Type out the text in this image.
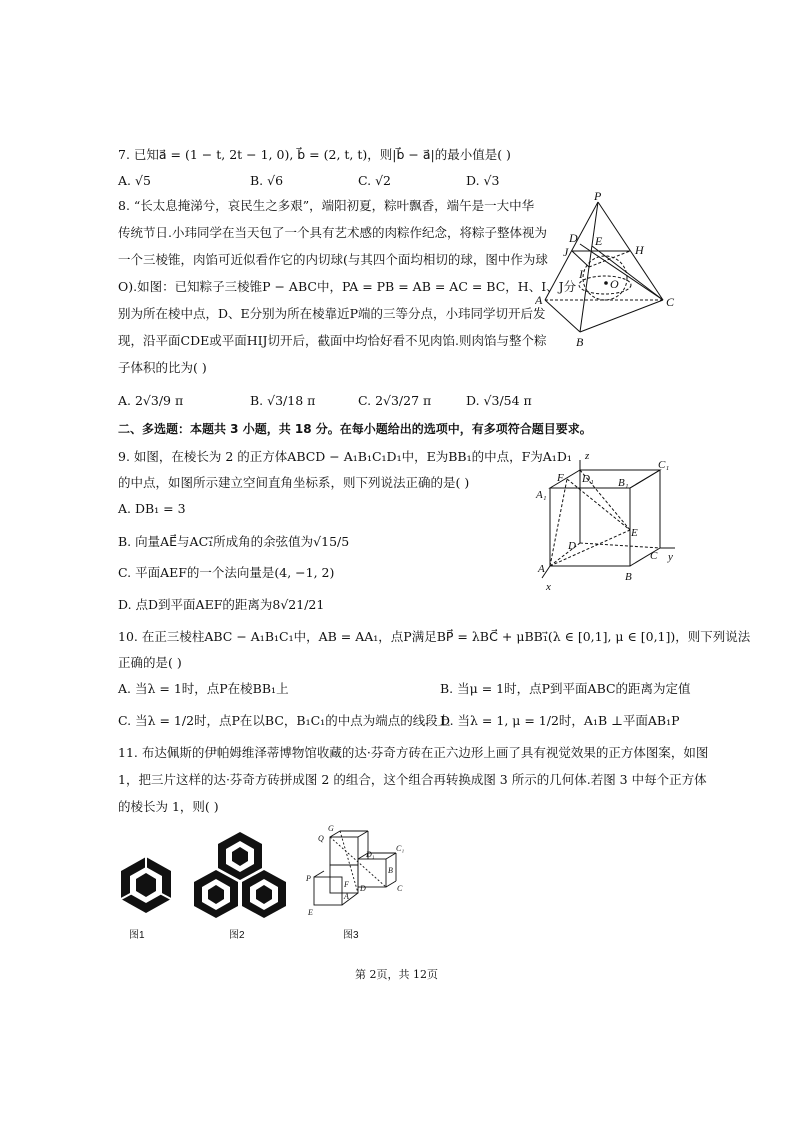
7. 已知a⃗ = (1 − t, 2t − 1, 0), b⃗ = (2, t, t)，则|b⃗ − a⃗|的最小值是( )
A. √5	B. √6	C. √2	D. √3
8. “长太息掩涕兮，哀民生之多艰”，端阳初夏，粽叶飘香，端午是一大中华
传统节日.小玮同学在当天包了一个具有艺术感的肉粽作纪念，将粽子整体视为
一个三棱锥，肉馅可近似看作它的内切球(与其四个面均相切的球，图中作为球
O).如图：已知粽子三棱锥P − ABC中，PA = PB = AB = AC = BC，H、I、J分
别为所在棱中点，D、E分别为所在棱靠近P端的三等分点，小玮同学切开后发
现，沿平面CDE或平面HIJ切开后，截面中均恰好看不见肉馅.则肉馅与整个粽
子体积的比为( )
A. 2√3/9 π	B. √3/18 π	C. 2√3/27 π	D. √3/54 π
P
J
D E
H
I
O
A	C
B
二、多选题：本题共 3 小题，共 18 分。在每小题给出的选项中，有多项符合题目要求。
9. 如图，在棱长为 2 的正方体ABCD − A₁B₁C₁D₁中，E为BB₁的中点，F为A₁D₁
的中点，如图所示建立空间直角坐标系，则下列说法正确的是( )
A. DB₁ = 3
B. 向量AE⃗与AC₁⃗所成角的余弦值为√15/5
C. 平面AEF的一个法向量是(4, −1, 2)
D. 点D到平面AEF的距离为8√21/21
z
F D₁
C₁
A₁
B₁
E
D
C y
A
B
x
10. 在正三棱柱ABC − A₁B₁C₁中，AB = AA₁，点P满足BP⃗ = λBC⃗ + μBB₁⃗(λ ∈ [0,1], μ ∈ [0,1])，则下列说法
正确的是( )
A. 当λ = 1时，点P在棱BB₁上	B. 当μ = 1时，点P到平面ABC的距离为定值
C. 当λ = 1/2时，点P在以BC，B₁C₁的中点为端点的线段上
D. 当λ = 1, μ = 1/2时，A₁B ⊥平面AB₁P
11. 布达佩斯的伊帕姆维泽蒂博物馆收藏的达·芬奇方砖在正六边形上画了具有视觉效果的正方体图案，如图
1，把三片这样的达·芬奇方砖拼成图 2 的组合，这个组合再转换成图 3 所示的几何体.若图 3 中每个正方体
的棱长为 1，则( )
G
Q
D₁
C₁
B
P
F
A
D	C
E
图1	图2	图3
第 2页，共 12页
